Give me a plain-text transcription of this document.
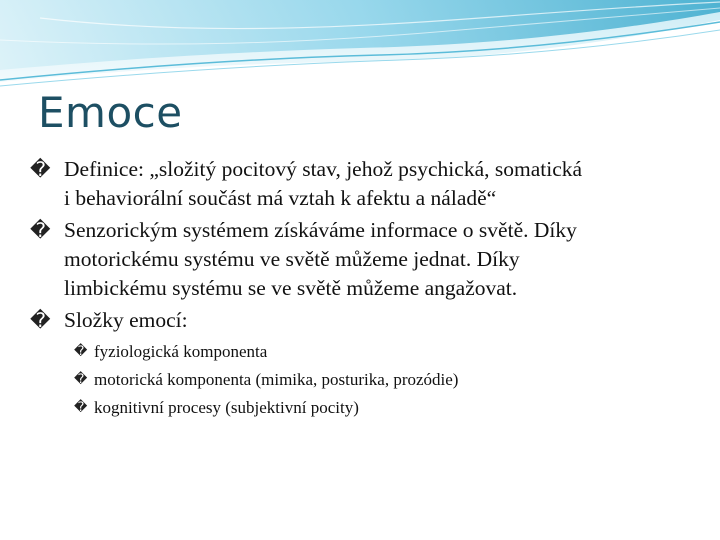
Emoce
� Definice: „složitý pocitový stav, jehož psychická, somatická
i behaviorální součást má vztah k afektu a náladě“
� Senzorickým systémem získáváme informace o světě. Díky
motorickému systému ve světě můžeme jednat. Díky
limbickému systému se ve světě můžeme angažovat.
� Složky emocí:
� fyziologická komponenta
� motorická komponenta (mimika, posturika, prozódie)
� kognitivní procesy (subjektivní pocity)
